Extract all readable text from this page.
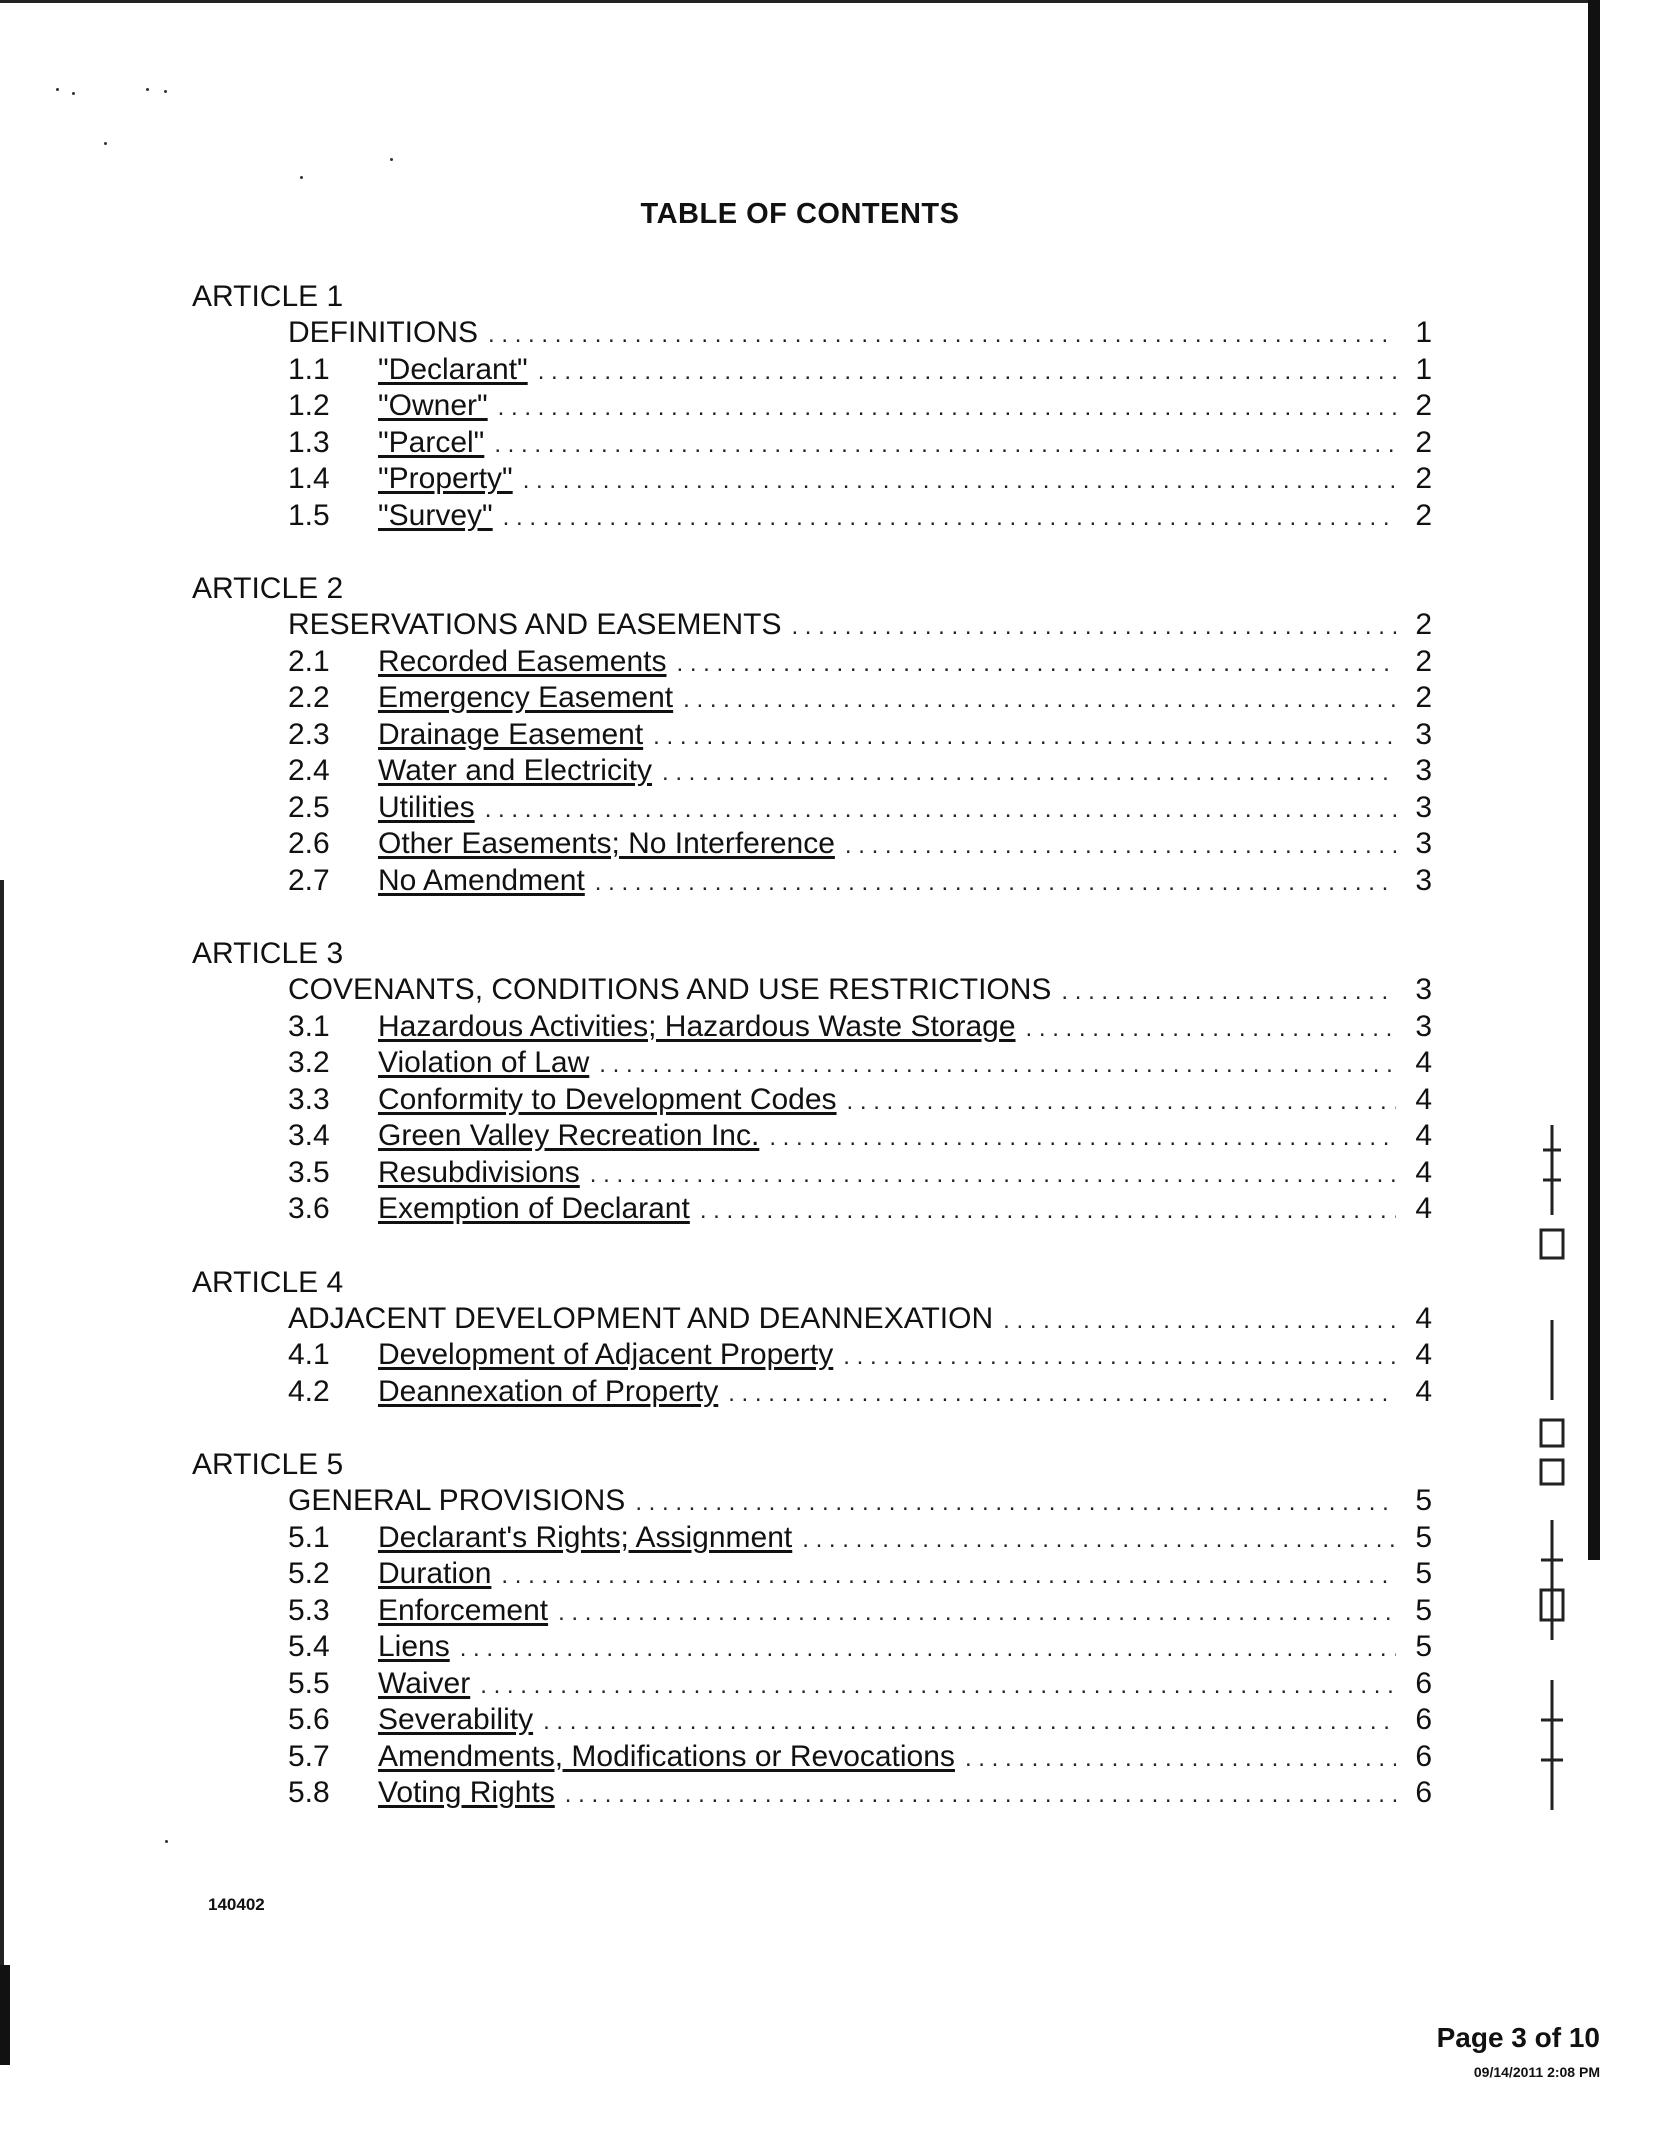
TABLE OF CONTENTS
ARTICLE 1
DEFINITIONS . . .	1
1.1	"Declarant" . . .	1
1.2	"Owner" . . .	2
1.3	"Parcel" . . .	2
1.4	"Property" . . .	2
1.5	"Survey" . . .	2
ARTICLE 2
RESERVATIONS AND EASEMENTS . . .	2
2.1	Recorded Easements . . .	2
2.2	Emergency Easement . . .	2
2.3	Drainage Easement . . .	3
2.4	Water and Electricity . . .	3
2.5	Utilities . . .	3
2.6	Other Easements; No Interference . . .	3
2.7	No Amendment . . .	3
ARTICLE 3
COVENANTS, CONDITIONS AND USE RESTRICTIONS . . .	3
3.1	Hazardous Activities; Hazardous Waste Storage . . .	3
3.2	Violation of Law . . .	4
3.3	Conformity to Development Codes . . .	4
3.4	Green Valley Recreation Inc. . . .	4
3.5	Resubdivisions . . .	4
3.6	Exemption of Declarant . . .	4
ARTICLE 4
ADJACENT DEVELOPMENT AND DEANNEXATION . . .	4
4.1	Development of Adjacent Property . . .	4
4.2	Deannexation of Property . . .	4
ARTICLE 5
GENERAL PROVISIONS . . .	5
5.1	Declarant's Rights; Assignment . . .	5
5.2	Duration . . .	5
5.3	Enforcement . . .	5
5.4	Liens . . .	5
5.5	Waiver . . .	6
5.6	Severability . . .	6
5.7	Amendments, Modifications or Revocations . . .	6
5.8	Voting Rights . . .	6
140402
Page 3 of 10
09/14/2011 2:08 PM
